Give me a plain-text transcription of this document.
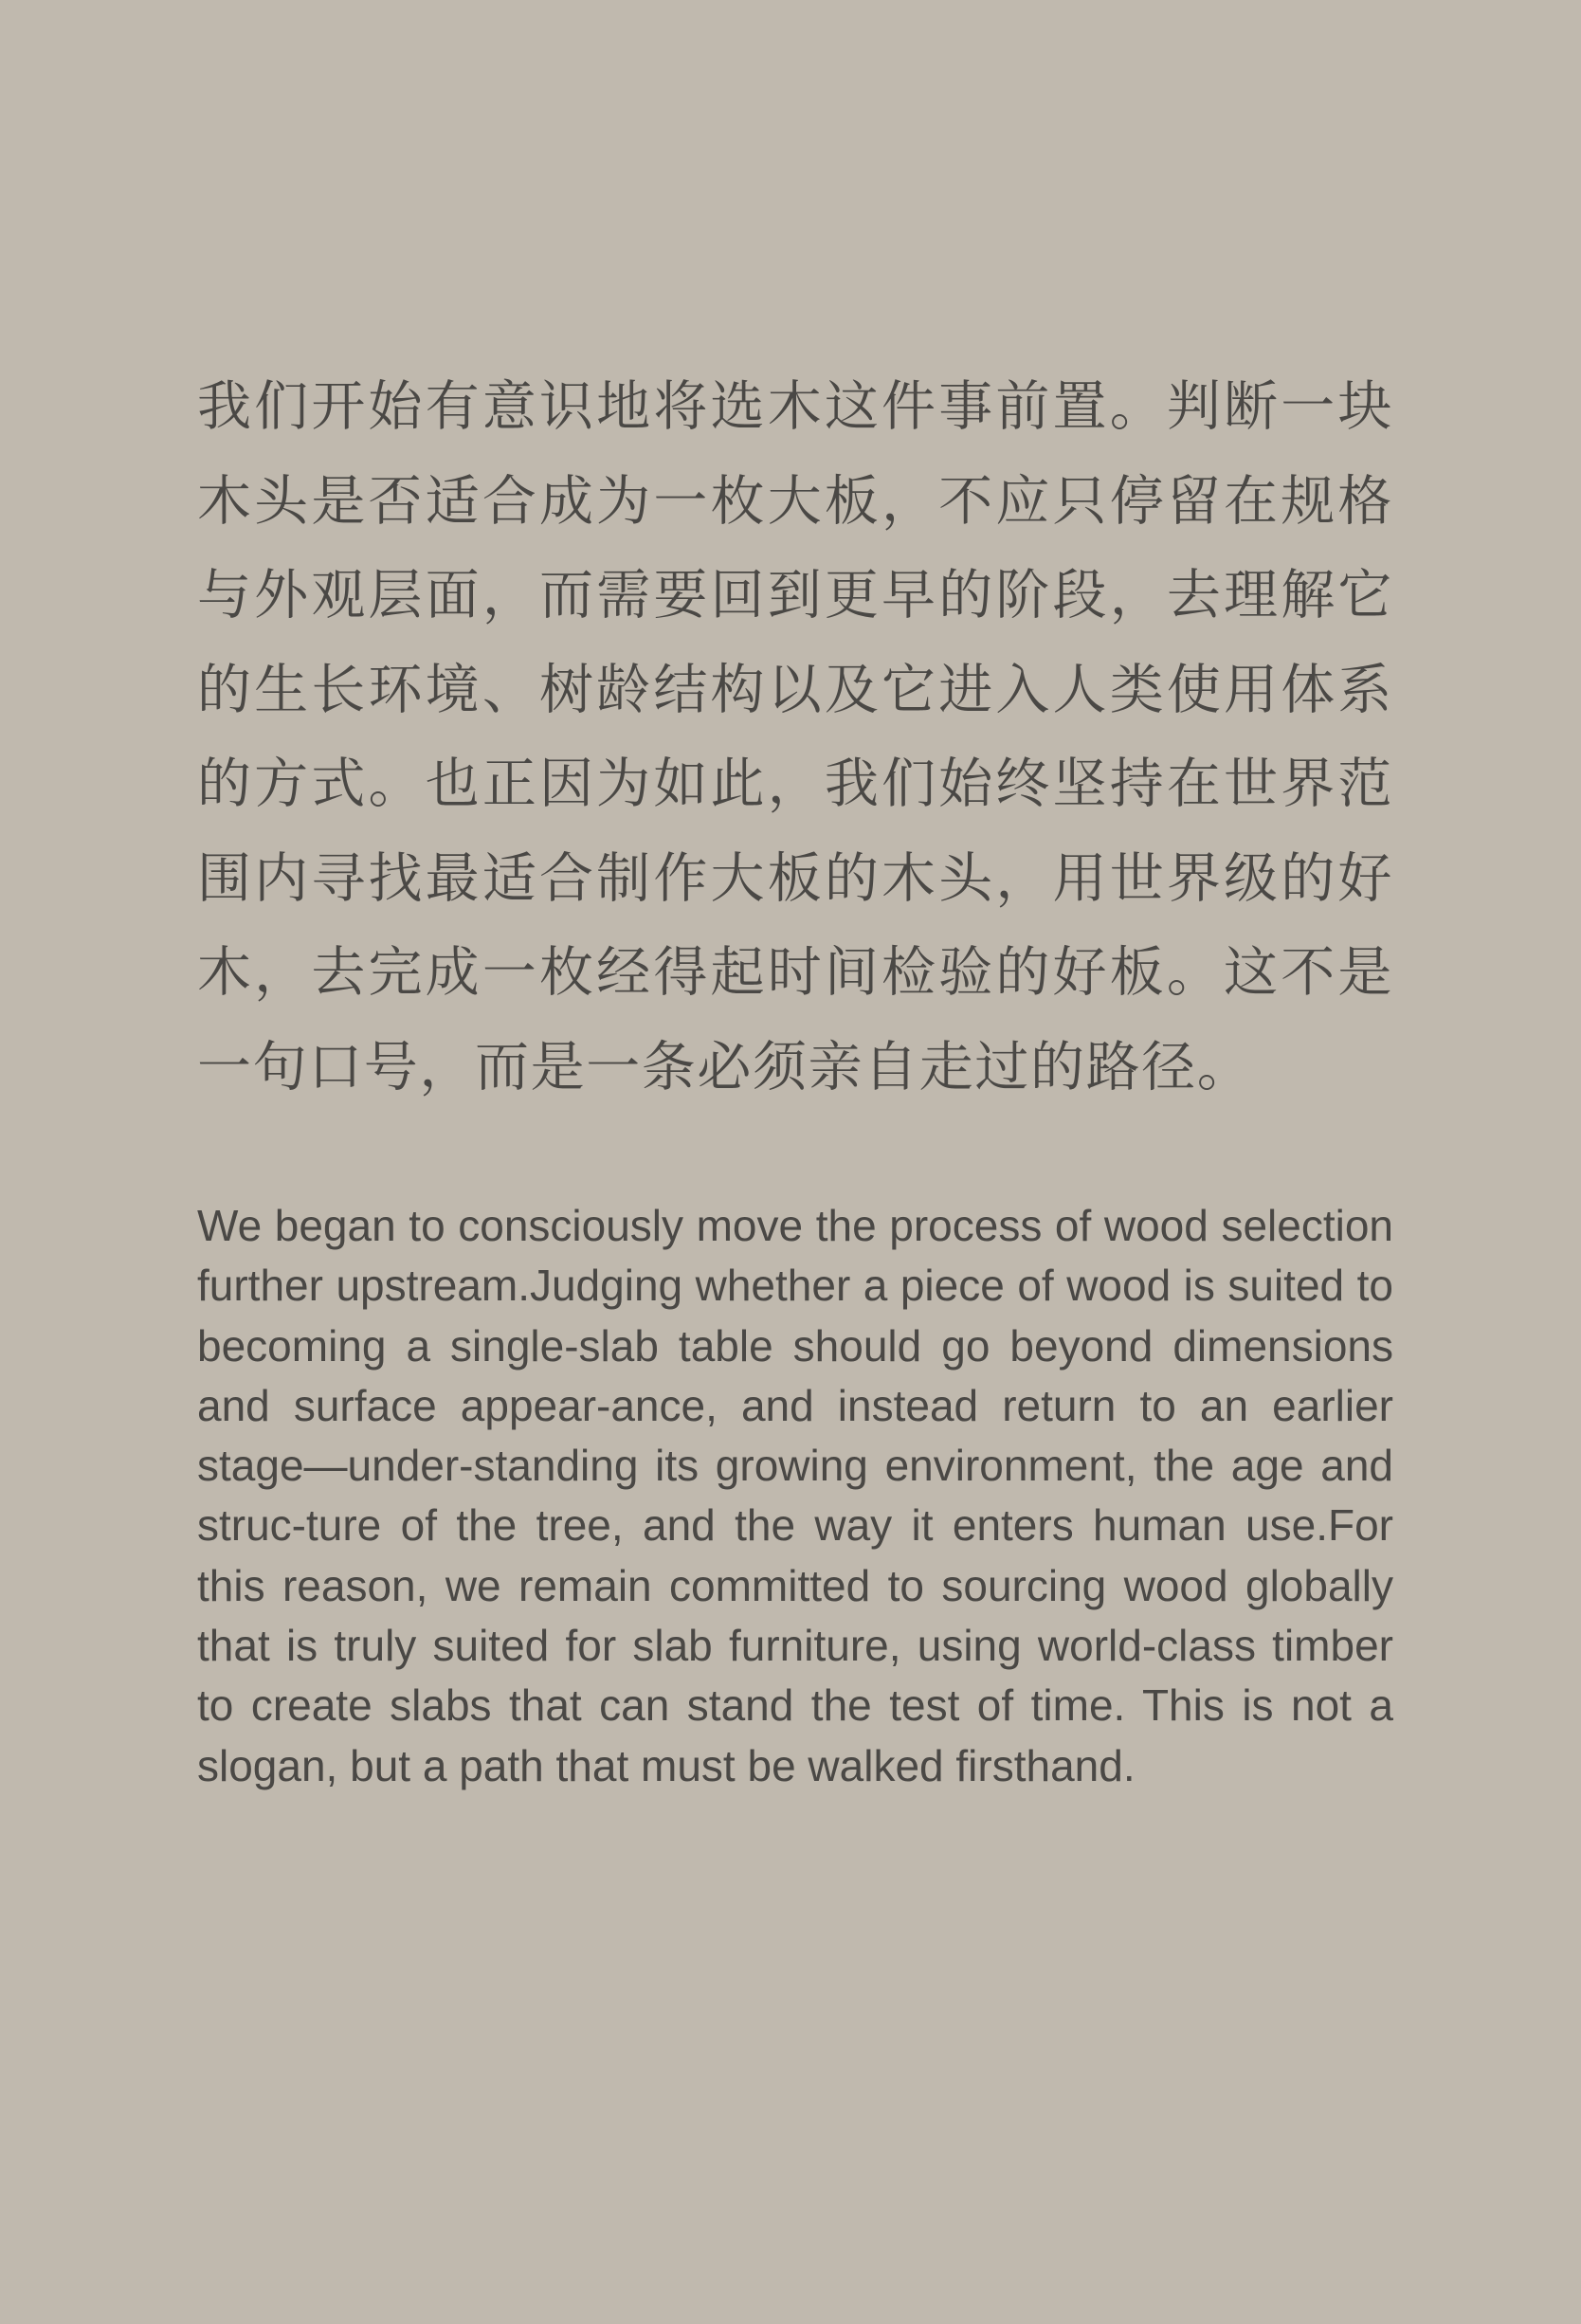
我们开始有意识地将选木这件事前置。判断一块木头是否适合成为一枚大板，不应只停留在规格与外观层面，而需要回到更早的阶段，去理解它的生长环境、树龄结构以及它进入人类使用体系的方式。也正因为如此，我们始终坚持在世界范围内寻找最适合制作大板的木头，用世界级的好木，去完成一枚经得起时间检验的好板。这不是一句口号，而是一条必须亲自走过的路径。

We began to consciously move the process of wood selection further upstream.Judging whether a piece of wood is suited to becoming a single-slab table should go beyond dimensions and surface appear-ance, and instead return to an earlier stage—under-standing its growing environment, the age and struc-ture of the tree, and the way it enters human use.For this reason, we remain committed to sourcing wood globally that is truly suited for slab furniture, using world-class timber to create slabs that can stand the test of time. This is not a slogan, but a path that must be walked firsthand.
